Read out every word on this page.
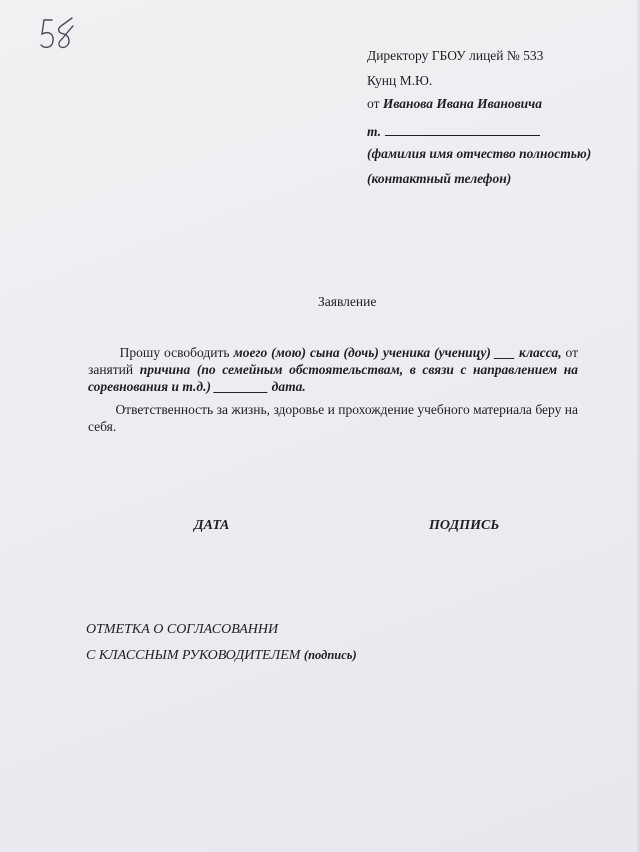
Директору ГБОУ лицей № 533
Кунц М.Ю.
от Иванова Ивана Ивановича
т.
(фамилия имя отчество полностью)
(контактный телефон)
Заявление
Прошу освободить моего (мою) сына (дочь) ученика (ученицу) ___ класса, от занятий причина (по семейным обстоятельствам, в связи с направлением на соревнования и т.д.) ________ дата.
Ответственность за жизнь, здоровье и прохождение учебного материала беру на себя.
ДАТА	ПОДПИСЬ
ОТМЕТКА О СОГЛАСОВАННИ
С КЛАССНЫМ РУКОВОДИТЕЛЕМ (подпись)
